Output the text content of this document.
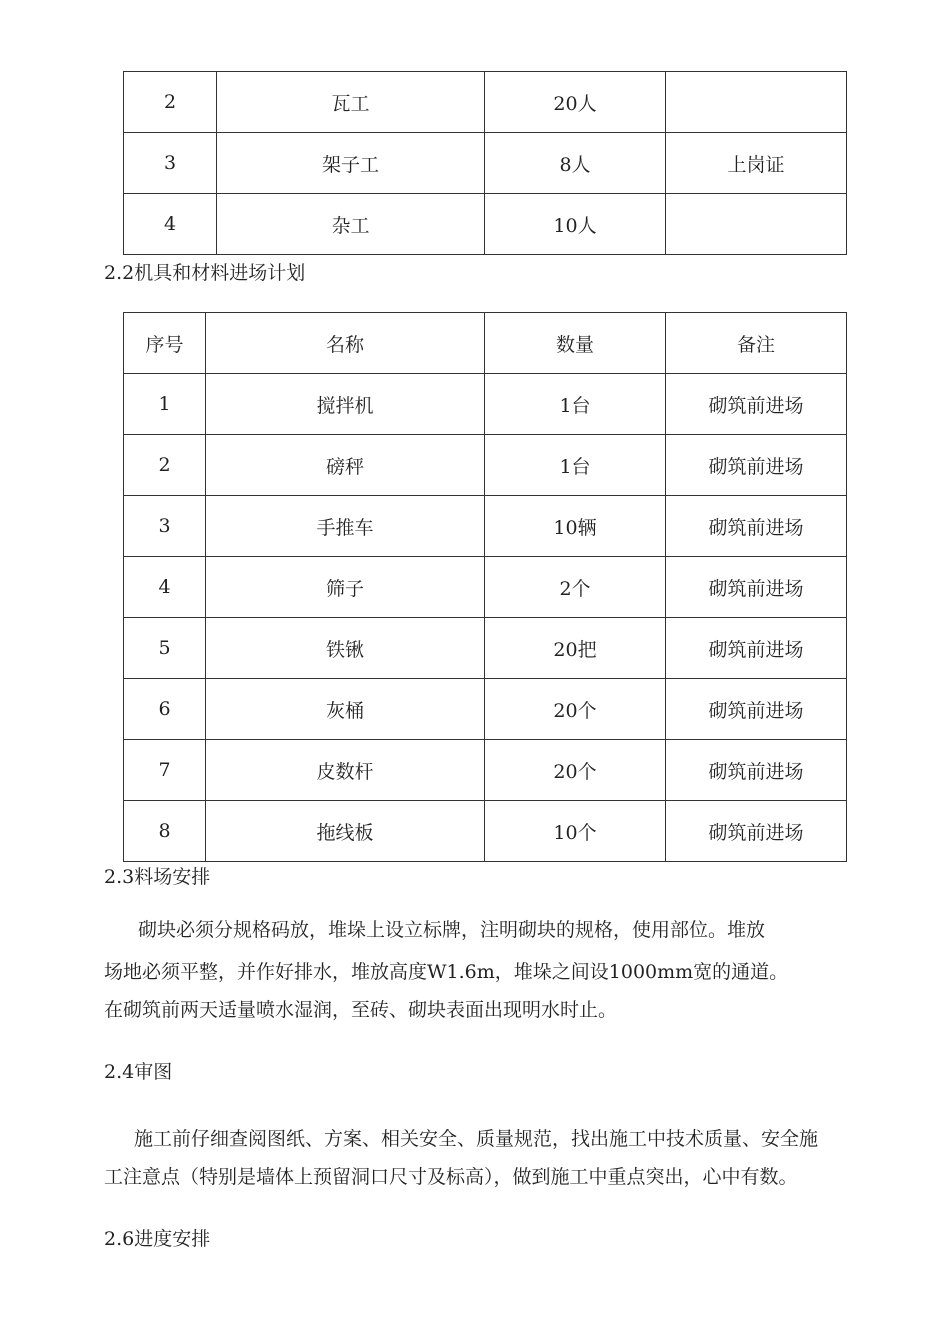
2	瓦工	20人	
3	架子工	8人	上岗证
4	杂工	10人	
2.2机具和材料进场计划
序号	名称	数量	备注
1	搅拌机	1台	砌筑前进场
2	磅秤	1台	砌筑前进场
3	手推车	10辆	砌筑前进场
4	筛子	2个	砌筑前进场
5	铁锹	20把	砌筑前进场
6	灰桶	20个	砌筑前进场
7	皮数杆	20个	砌筑前进场
8	拖线板	10个	砌筑前进场
2.3料场安排
砌块必须分规格码放，堆垛上设立标牌，注明砌块的规格，使用部位。堆放
场地必须平整，并作好排水，堆放高度W1.6m，堆垛之间设1000mm宽的通道。
在砌筑前两天适量喷水湿润，至砖、砌块表面出现明水时止。
2.4审图
施工前仔细查阅图纸、方案、相关安全、质量规范，找出施工中技术质量、安全施
工注意点（特别是墙体上预留洞口尺寸及标高），做到施工中重点突出，心中有数。
2.6进度安排
